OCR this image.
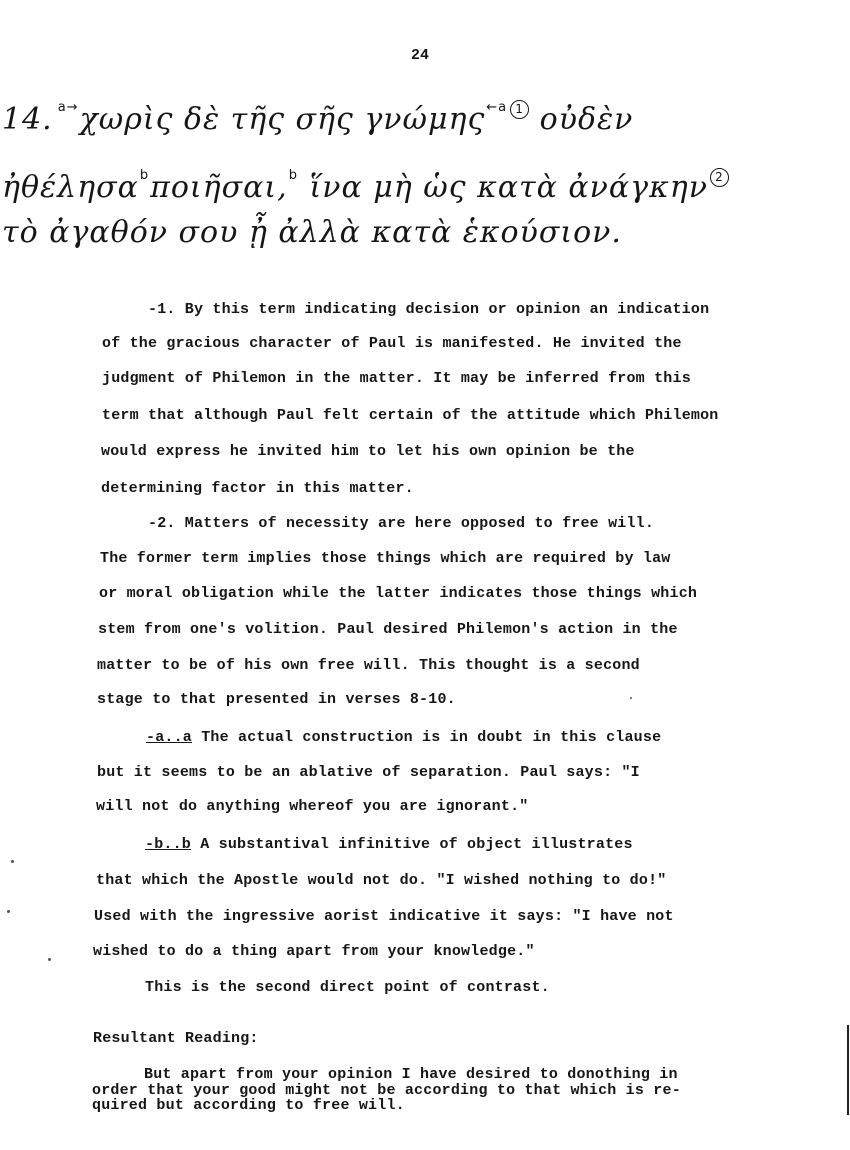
24
14. $^{a\to}$χωρὶς δὲ τῆς σῆς γνώμης$^{\leftarrow a}$ 1 οὐδὲν
ἠθέλησα$^b$ποιῆσαι,$^b$ ἵνα μὴ ὡς κατὰ ἀνάγκην 2
τὸ ἀγαθόν σου ᾖ ἀλλὰ κατὰ ἑκούσιον.
-1. By this term indicating decision or opinion an indication
of the gracious character of Paul is manifested. He invited the
judgment of Philemon in the matter. It may be inferred from this
term that although Paul felt certain of the attitude which Philemon
would express he invited him to let his own opinion be the
determining factor in this matter.
-2. Matters of necessity are here opposed to free will.
The former term implies those things which are required by law
or moral obligation while the latter indicates those things which
stem from one's volition. Paul desired Philemon's action in the
matter to be of his own free will. This thought is a second
stage to that presented in verses 8-10.
-a..a The actual construction is in doubt in this clause
but it seems to be an ablative of separation. Paul says: "I
will not do anything whereof you are ignorant."
-b..b A substantival infinitive of object illustrates
that which the Apostle would not do. "I wished nothing to do!"
Used with the ingressive aorist indicative it says: "I have not
wished to do a thing apart from your knowledge."
This is the second direct point of contrast.
Resultant Reading:
But apart from your opinion I have desired to donothing in
order that your good might not be according to that which is re-
quired but according to free will.
